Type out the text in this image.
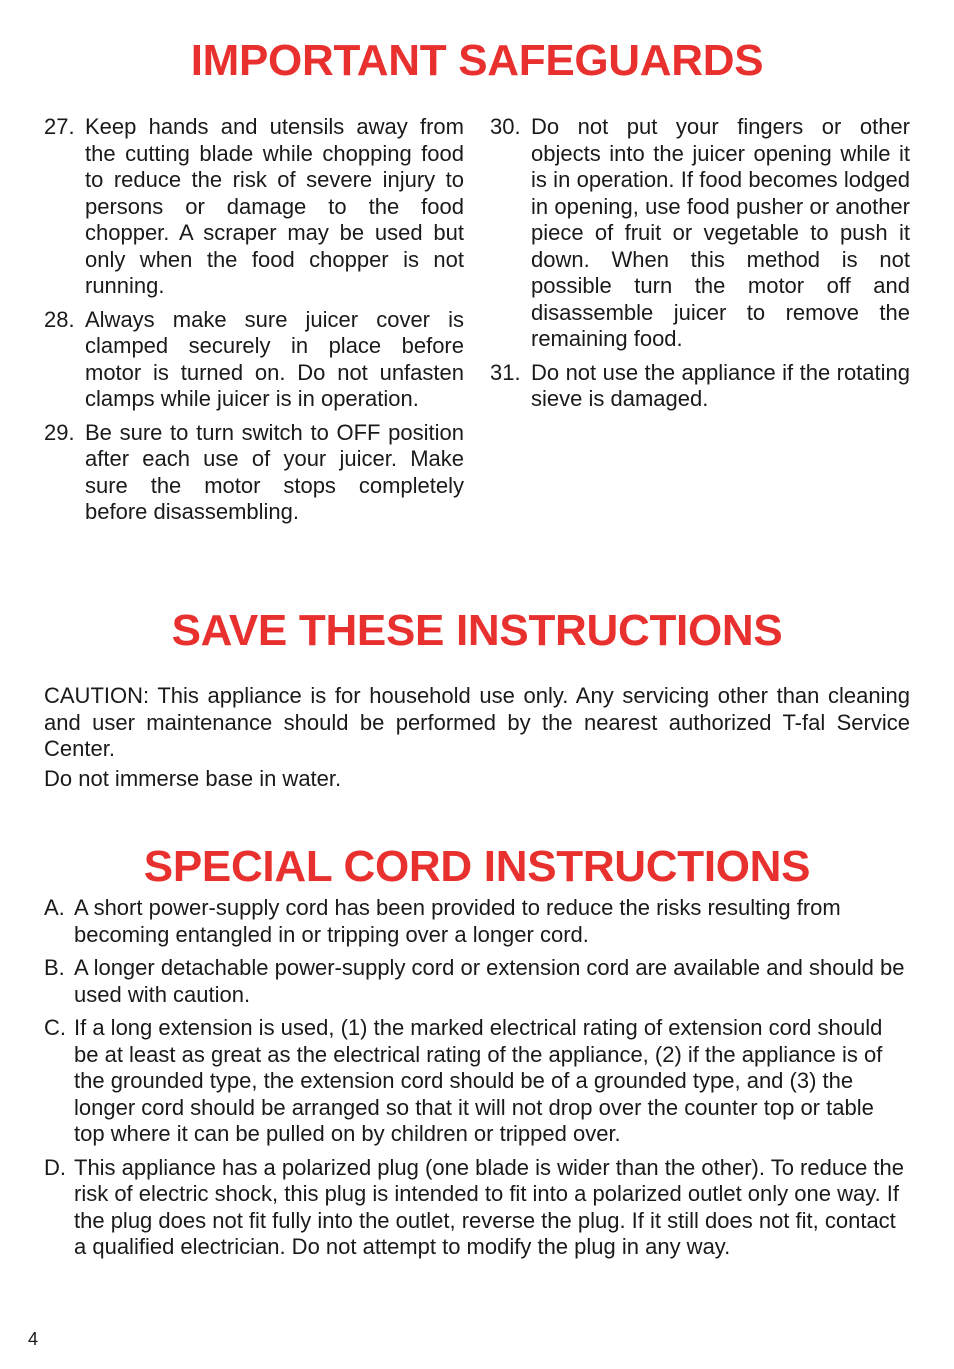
IMPORTANT SAFEGUARDS
27. Keep hands and utensils away from the cutting blade while chopping food to reduce the risk of severe injury to persons or damage to the food chopper. A scraper may be used but only when the food chopper is not running.
28. Always make sure juicer cover is clamped securely in place before motor is turned on. Do not unfasten clamps while juicer is in operation.
29. Be sure to turn switch to OFF position after each use of your juicer. Make sure the motor stops completely before disassembling.
30. Do not put your fingers or other objects into the juicer opening while it is in operation. If food becomes lodged in opening, use food pusher or another piece of fruit or vegetable to push it down. When this method is not possible turn the motor off and disassemble juicer to remove the remaining food.
31. Do not use the appliance if the rotating sieve is damaged.
SAVE THESE INSTRUCTIONS

CAUTION: This appliance is for household use only. Any servicing other than cleaning and user maintenance should be performed by the nearest authorized T-fal Service Center.

Do not immerse base in water.

SPECIAL CORD INSTRUCTIONS
A. A short power-supply cord has been provided to reduce the risks resulting from becoming entangled in or tripping over a longer cord.
B. A longer detachable power-supply cord or extension cord are available and should be used with caution.
C. If a long extension is used, (1) the marked electrical rating of extension cord should be at least as great as the electrical rating of the appliance, (2) if the appliance is of the grounded type, the extension cord should be of a grounded type, and (3) the longer cord should be arranged so that it will not drop over the counter top or table top where it can be pulled on by children or tripped over.
D. This appliance has a polarized plug (one blade is wider than the other). To reduce the risk of electric shock, this plug is intended to fit into a polarized outlet only one way. If the plug does not fit fully into the outlet, reverse the plug. If it still does not fit, contact a qualified electrician. Do not attempt to modify the plug in any way.
4
